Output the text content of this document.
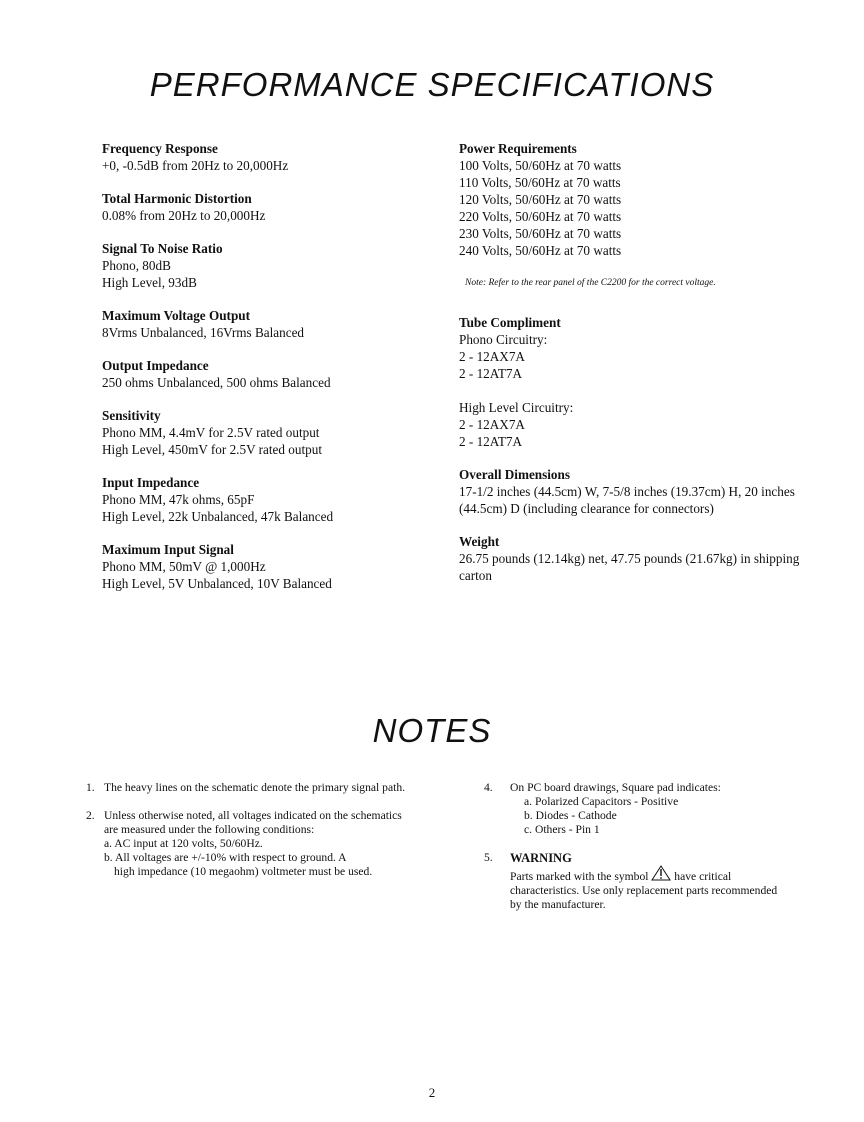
PERFORMANCE SPECIFICATIONS
Frequency Response
+0, -0.5dB from 20Hz to 20,000Hz
Total Harmonic Distortion
0.08% from 20Hz to 20,000Hz
Signal To Noise Ratio
Phono, 80dB
High Level, 93dB
Maximum Voltage Output
8Vrms Unbalanced, 16Vrms Balanced
Output Impedance
250 ohms Unbalanced, 500 ohms Balanced
Sensitivity
Phono MM, 4.4mV for 2.5V rated output
High Level, 450mV for 2.5V rated output
Input Impedance
Phono MM, 47k ohms, 65pF
High Level, 22k Unbalanced, 47k Balanced
Maximum Input Signal
Phono MM, 50mV @ 1,000Hz
High Level, 5V Unbalanced, 10V Balanced
Power Requirements
100 Volts, 50/60Hz at 70 watts
110 Volts, 50/60Hz at 70 watts
120 Volts, 50/60Hz at 70 watts
220 Volts, 50/60Hz at 70 watts
230 Volts, 50/60Hz at 70 watts
240 Volts, 50/60Hz at 70 watts
Note: Refer to the rear panel of the C2200 for the correct voltage.
Tube Compliment
Phono Circuitry:
2 - 12AX7A
2 - 12AT7A
High Level Circuitry:
2 - 12AX7A
2 - 12AT7A
Overall Dimensions
17-1/2 inches (44.5cm) W, 7-5/8 inches (19.37cm) H, 20 inches (44.5cm) D (including clearance for connectors)
Weight
26.75 pounds (12.14kg) net, 47.75 pounds (21.67kg) in shipping carton
NOTES
1. The heavy lines on the schematic denote the primary signal path.
2. Unless otherwise noted, all voltages indicated on the schematics are measured under the following conditions:
a. AC input at 120 volts, 50/60Hz.
b. All voltages are +/-10% with respect to ground. A
high impedance (10 megaohm) voltmeter must be used.
4. On PC board drawings, Square pad indicates:
a. Polarized Capacitors - Positive
b. Diodes - Cathode
c. Others - Pin 1
5. WARNING
Parts marked with the symbol have critical characteristics. Use only replacement parts recommended by the manufacturer.
2
